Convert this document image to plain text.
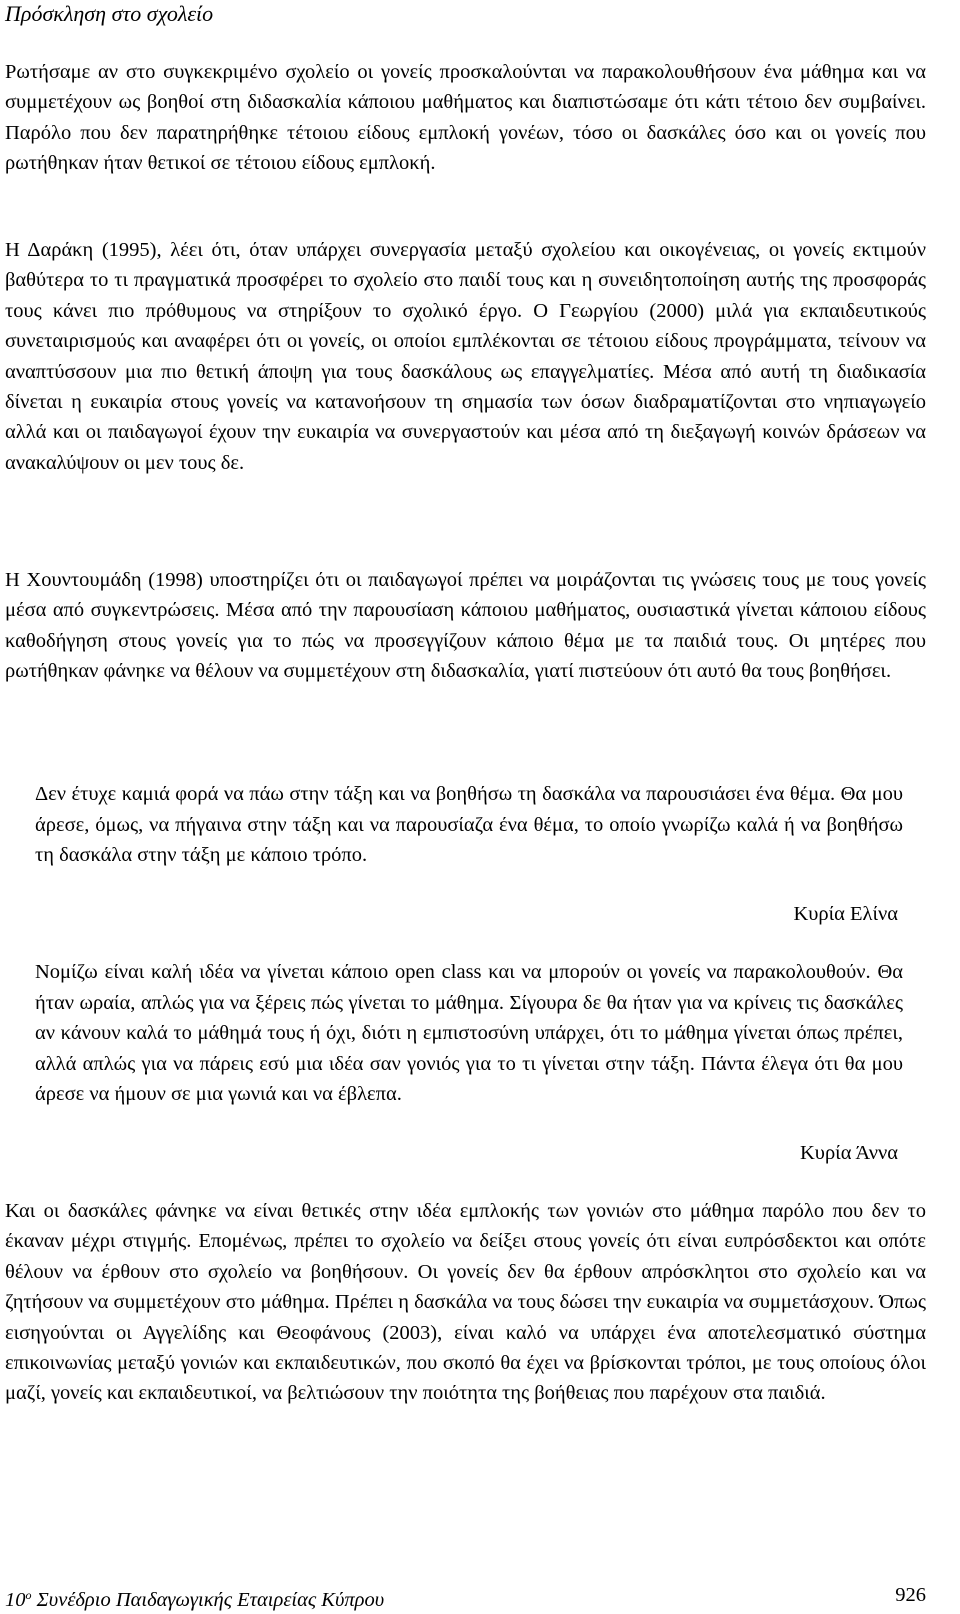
Πρόσκληση στο σχολείο

Ρωτήσαμε αν στο συγκεκριμένο σχολείο οι γονείς προσκαλούνται να παρακολουθήσουν ένα μάθημα και να συμμετέχουν ως βοηθοί στη διδασκαλία κάποιου μαθήματος και διαπιστώσαμε ότι κάτι τέτοιο δεν συμβαίνει. Παρόλο που δεν παρατηρήθηκε τέτοιου είδους εμπλοκή γονέων, τόσο οι δασκάλες όσο και οι γονείς που ρωτήθηκαν ήταν θετικοί σε τέτοιου είδους εμπλοκή.

Η Δαράκη (1995), λέει ότι, όταν υπάρχει συνεργασία μεταξύ σχολείου και οικογένειας, οι γονείς εκτιμούν βαθύτερα το τι πραγματικά προσφέρει το σχολείο στο παιδί τους και η συνειδητοποίηση αυτής της προσφοράς τους κάνει πιο πρόθυμους να στηρίξουν το σχολικό έργο. Ο Γεωργίου (2000) μιλά για εκπαιδευτικούς συνεταιρισμούς και αναφέρει ότι οι γονείς, οι οποίοι εμπλέκονται σε τέτοιου είδους προγράμματα, τείνουν να αναπτύσσουν μια πιο θετική άποψη για τους δασκάλους ως επαγγελματίες. Μέσα από αυτή τη διαδικασία δίνεται η ευκαιρία στους γονείς να κατανοήσουν τη σημασία των όσων διαδραματίζονται στο νηπιαγωγείο αλλά και οι παιδαγωγοί έχουν την ευκαιρία να συνεργαστούν και μέσα από τη διεξαγωγή κοινών δράσεων να ανακαλύψουν οι μεν τους δε.

Η Χουντουμάδη (1998) υποστηρίζει ότι οι παιδαγωγοί πρέπει να μοιράζονται τις γνώσεις τους με τους γονείς μέσα από συγκεντρώσεις. Μέσα από την παρουσίαση κάποιου μαθήματος, ουσιαστικά γίνεται κάποιου είδους καθοδήγηση στους γονείς για το πώς να προσεγγίζουν κάποιο θέμα με τα παιδιά τους. Οι μητέρες που ρωτήθηκαν φάνηκε να θέλουν να συμμετέχουν στη διδασκαλία, γιατί πιστεύουν ότι αυτό θα τους βοηθήσει.

Δεν έτυχε καμιά φορά να πάω στην τάξη και να βοηθήσω τη δασκάλα να παρουσιάσει ένα θέμα. Θα μου άρεσε, όμως, να πήγαινα στην τάξη και να παρουσίαζα ένα θέμα, το οποίο γνωρίζω καλά ή να βοηθήσω τη δασκάλα στην τάξη με κάποιο τρόπο.

Κυρία Ελίνα

Νομίζω είναι καλή ιδέα να γίνεται κάποιο open class και να μπορούν οι γονείς να παρακολουθούν. Θα ήταν ωραία, απλώς για να ξέρεις πώς γίνεται το μάθημα. Σίγουρα δε θα ήταν για να κρίνεις τις δασκάλες αν κάνουν καλά το μάθημά τους ή όχι, διότι η εμπιστοσύνη υπάρχει, ότι το μάθημα γίνεται όπως πρέπει, αλλά απλώς για να πάρεις εσύ μια ιδέα σαν γονιός για το τι γίνεται στην τάξη. Πάντα έλεγα ότι θα μου άρεσε να ήμουν σε μια γωνιά και να έβλεπα.

Κυρία Άννα

Και οι δασκάλες φάνηκε να είναι θετικές στην ιδέα εμπλοκής των γονιών στο μάθημα παρόλο που δεν το έκαναν μέχρι στιγμής. Επομένως, πρέπει το σχολείο να δείξει στους γονείς ότι είναι ευπρόσδεκτοι και οπότε θέλουν να έρθουν στο σχολείο να βοηθήσουν. Οι γονείς δεν θα έρθουν απρόσκλητοι στο σχολείο και να ζητήσουν να συμμετέχουν στο μάθημα. Πρέπει η δασκάλα να τους δώσει την ευκαιρία να συμμετάσχουν. Όπως εισηγούνται οι Αγγελίδης και Θεοφάνους (2003), είναι καλό να υπάρχει ένα αποτελεσματικό σύστημα επικοινωνίας μεταξύ γονιών και εκπαιδευτικών, που σκοπό θα έχει να βρίσκονται τρόποι, με τους οποίους όλοι μαζί, γονείς και εκπαιδευτικοί, να βελτιώσουν την ποιότητα της βοήθειας που παρέχουν στα παιδιά.

$10^o$ Συνέδριο Παιδαγωγικής Εταιρείας Κύπρου	926
